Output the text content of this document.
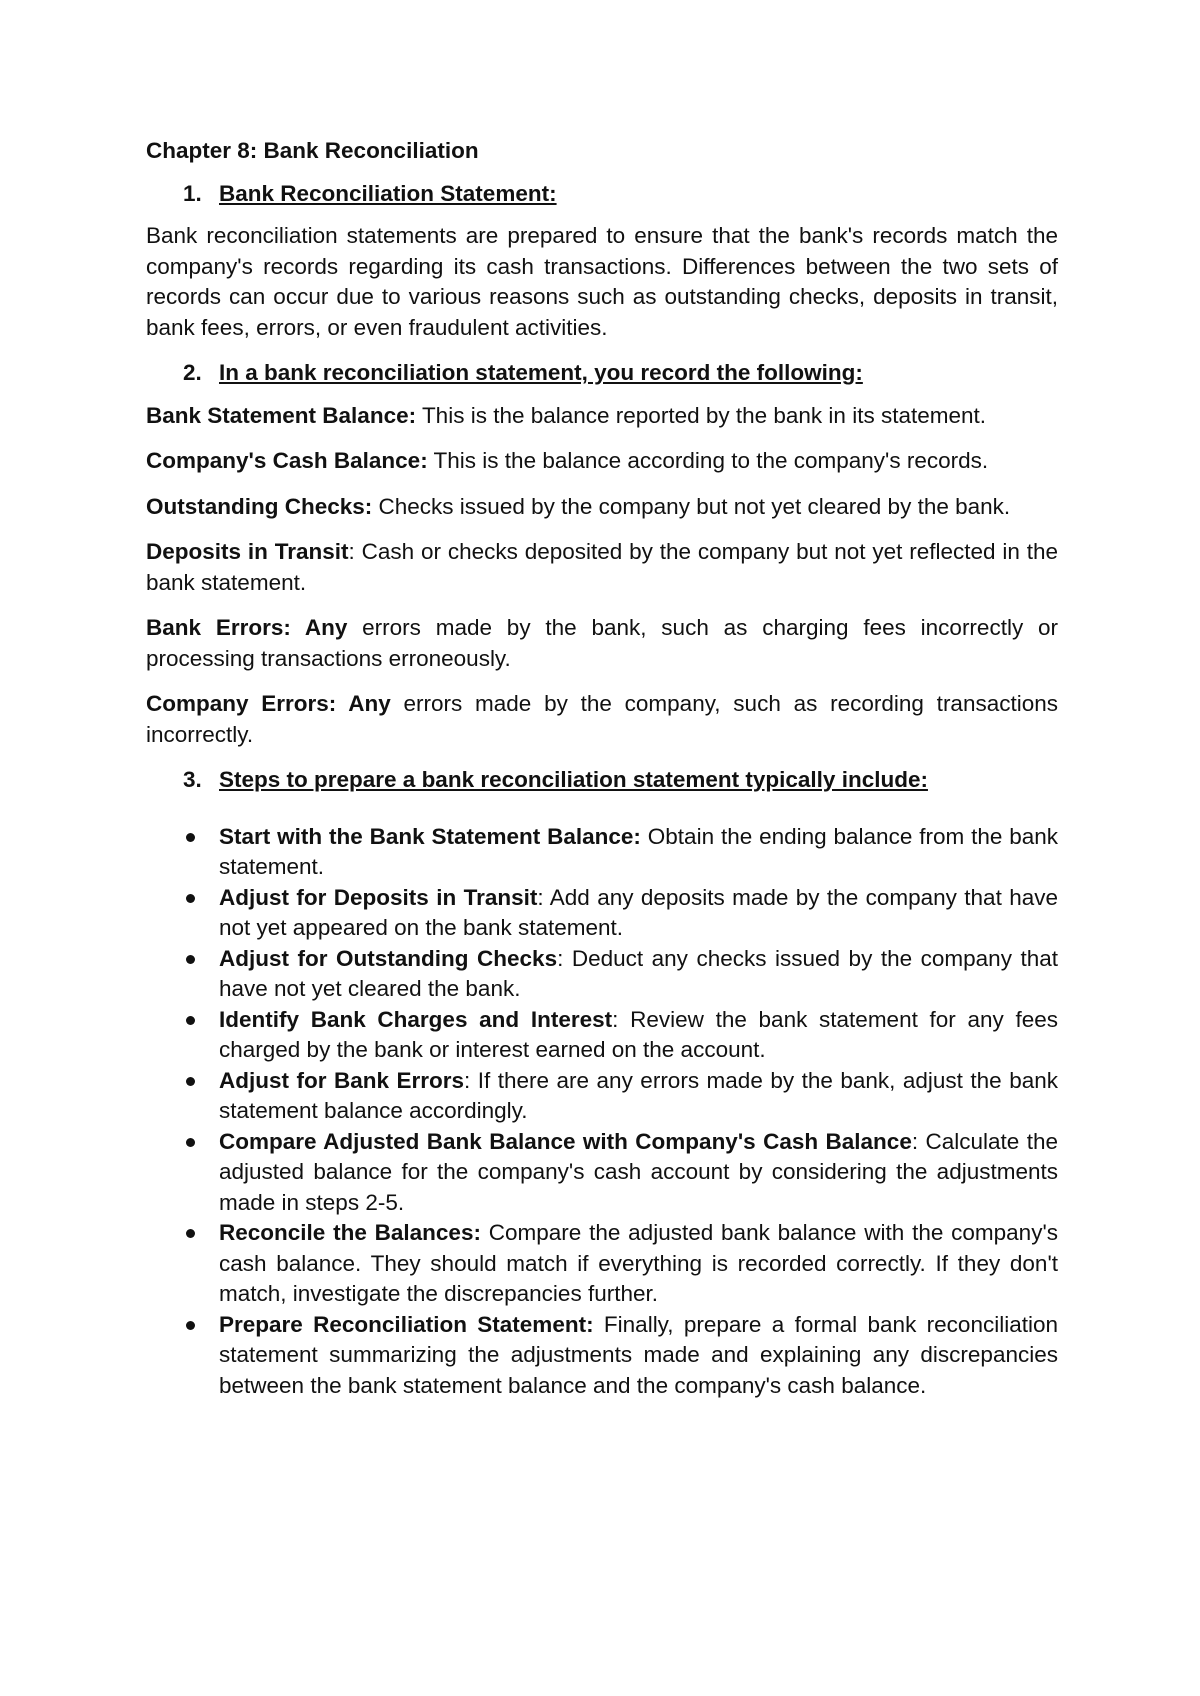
Chapter 8: Bank Reconciliation
1. Bank Reconciliation Statement:

Bank reconciliation statements are prepared to ensure that the bank's records match the company's records regarding its cash transactions. Differences between the two sets of records can occur due to various reasons such as outstanding checks, deposits in transit, bank fees, errors, or even fraudulent activities.

2. In a bank reconciliation statement, you record the following:

Bank Statement Balance: This is the balance reported by the bank in its statement.

Company's Cash Balance: This is the balance according to the company's records.

Outstanding Checks: Checks issued by the company but not yet cleared by the bank.

Deposits in Transit: Cash or checks deposited by the company but not yet reflected in the bank statement.

Bank Errors: Any errors made by the bank, such as charging fees incorrectly or processing transactions erroneously.

Company Errors: Any errors made by the company, such as recording transactions incorrectly.

3. Steps to prepare a bank reconciliation statement typically include:
Start with the Bank Statement Balance: Obtain the ending balance from the bank statement.
Adjust for Deposits in Transit: Add any deposits made by the company that have not yet appeared on the bank statement.
Adjust for Outstanding Checks: Deduct any checks issued by the company that have not yet cleared the bank.
Identify Bank Charges and Interest: Review the bank statement for any fees charged by the bank or interest earned on the account.
Adjust for Bank Errors: If there are any errors made by the bank, adjust the bank statement balance accordingly.
Compare Adjusted Bank Balance with Company's Cash Balance: Calculate the adjusted balance for the company's cash account by considering the adjustments made in steps 2-5.
Reconcile the Balances: Compare the adjusted bank balance with the company's cash balance. They should match if everything is recorded correctly. If they don't match, investigate the discrepancies further.
Prepare Reconciliation Statement: Finally, prepare a formal bank reconciliation statement summarizing the adjustments made and explaining any discrepancies between the bank statement balance and the company's cash balance.
